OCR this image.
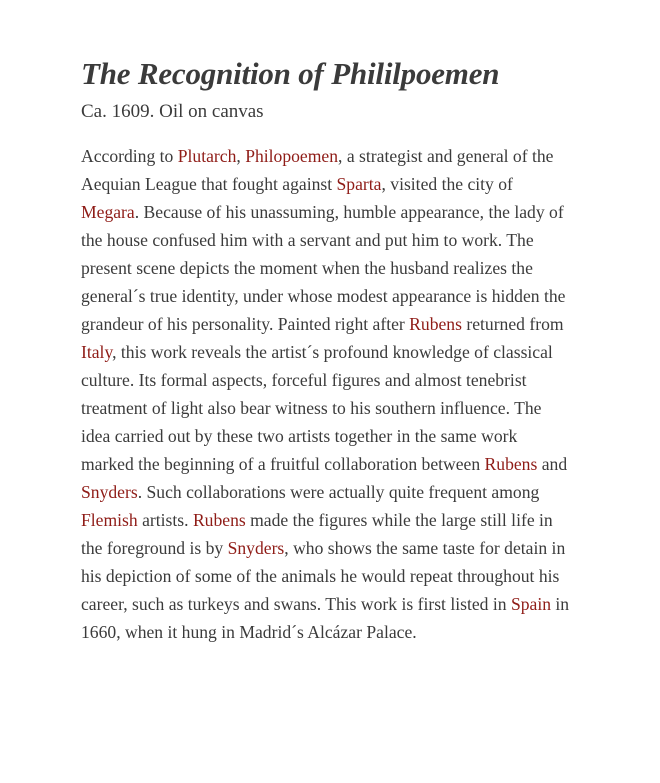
The Recognition of Phililpoemen
Ca. 1609. Oil on canvas

According to Plutarch, Philopoemen, a strategist and general of the Aequian League that fought against Sparta, visited the city of Megara. Because of his unassuming, humble appearance, the lady of the house confused him with a servant and put him to work. The present scene depicts the moment when the husband realizes the general´s true identity, under whose modest appearance is hidden the grandeur of his personality. Painted right after Rubens returned from Italy, this work reveals the artist´s profound knowledge of classical culture. Its formal aspects, forceful figures and almost tenebrist treatment of light also bear witness to his southern influence. The idea carried out by these two artists together in the same work marked the beginning of a fruitful collaboration between Rubens and Snyders. Such collaborations were actually quite frequent among Flemish artists. Rubens made the figures while the large still life in the foreground is by Snyders, who shows the same taste for detain in his depiction of some of the animals he would repeat throughout his career, such as turkeys and swans. This work is first listed in Spain in 1660, when it hung in Madrid´s Alcázar Palace.
